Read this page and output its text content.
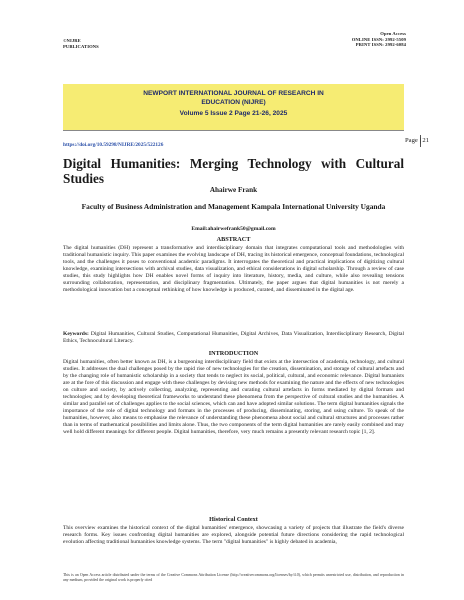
©NIJRE
PUBLICATIONS
Open Access
ONLINE ISSN: 2992-5509
PRINT ISSN: 2992-6084
NEWPORT INTERNATIONAL JOURNAL OF RESEARCH IN
EDUCATION (NIJRE)
Volume 5 Issue 2 Page 21-26, 2025
Page | 21
https://doi.org/10.59298/NIJRE/2025/522126
Digital Humanities: Merging Technology with Cultural Studies
Ahairwe Frank
Faculty of Business Administration and Management Kampala International University Uganda
Email:ahairwefrank50@gmail.com
ABSTRACT
The digital humanities (DH) represent a transformative and interdisciplinary domain that integrates computational tools and methodologies with traditional humanistic inquiry. This paper examines the evolving landscape of DH, tracing its historical emergence, conceptual foundations, technological tools, and the challenges it poses to conventional academic paradigms. It interrogates the theoretical and practical implications of digitizing cultural knowledge, examining intersections with archival studies, data visualization, and ethical considerations in digital scholarship. Through a review of case studies, this study highlights how DH enables novel forms of inquiry into literature, history, media, and culture, while also revealing tensions surrounding collaboration, representation, and disciplinary fragmentation. Ultimately, the paper argues that digital humanities is not merely a methodological innovation but a conceptual rethinking of how knowledge is produced, curated, and disseminated in the digital age.
Keywords: Digital Humanities, Cultural Studies, Computational Humanities, Digital Archives, Data Visualization, Interdisciplinary Research, Digital Ethics, Technocultural Literacy.
INTRODUCTION
Digital humanities, often better known as DH, is a burgeoning interdisciplinary field that exists at the intersection of academia, technology, and cultural studies. It addresses the dual challenges posed by the rapid rise of new technologies for the creation, dissemination, and storage of cultural artefacts and by the changing role of humanistic scholarship in a society that tends to neglect its social, political, cultural, and economic relevance. Digital humanists are at the fore of this discussion and engage with these challenges by devising new methods for examining the nature and the effects of new technologies on culture and society, by actively collecting, analyzing, representing and curating cultural artefacts in forms mediated by digital formats and technologies; and by developing theoretical frameworks to understand these phenomena from the perspective of cultural studies and the humanities. A similar and parallel set of challenges applies to the social sciences, which can and have adopted similar solutions. The term digital humanities signals the importance of the role of digital technology and formats in the processes of producing, disseminating, storing, and using culture. To speak of the humanities, however, also means to emphasise the relevance of understanding these phenomena about social and cultural structures and processes rather than in terms of mathematical possibilities and limits alone. Thus, the two components of the term digital humanities are rarely easily combined and may well hold different meanings for different people. Digital humanities, therefore, very much remains a presently relevant research topic [1, 2].
Historical Context
This overview examines the historical context of the digital humanities' emergence, showcasing a variety of projects that illustrate the field's diverse research forms. Key issues confronting digital humanities are explored, alongside potential future directions considering the rapid technological evolution affecting traditional humanities knowledge systems. The term "digital humanities" is highly debated in academia,
This is an Open Access article distributed under the terms of the Creative Commons Attribution License (http://creativecommons.org/licenses/by/4.0), which permits unrestricted use, distribution, and reproduction in any medium, provided the original work is properly cited
